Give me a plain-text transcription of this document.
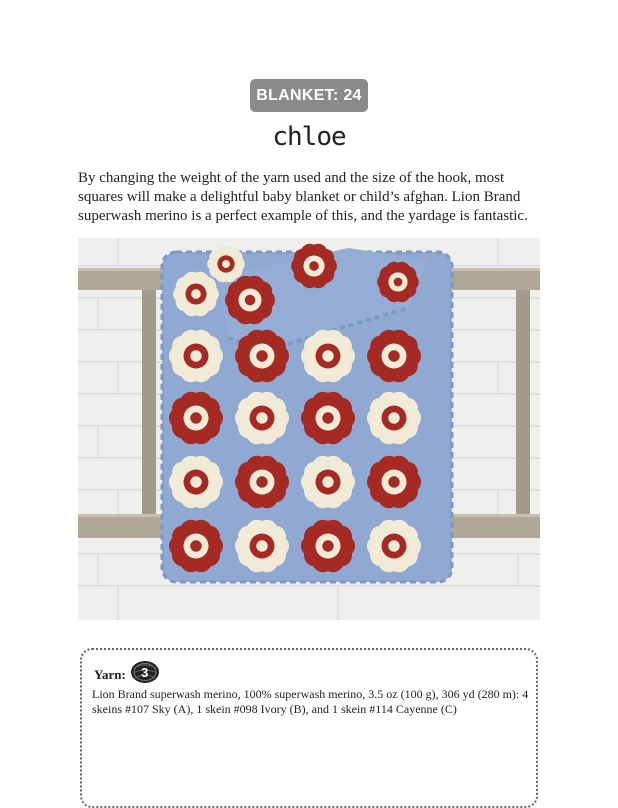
BLANKET: 24
chloe
By changing the weight of the yarn used and the size of the hook, most squares will make a delightful baby blanket or child’s afghan. Lion Brand superwash merino is a perfect example of this, and the yardage is fantastic.
Yarn:	3
Lion Brand superwash merino, 100% superwash merino, 3.5 oz (100 g), 306 yd (280 m): 4 skeins #107 Sky (A), 1 skein #098 Ivory (B), and 1 skein #114 Cayenne (C)
